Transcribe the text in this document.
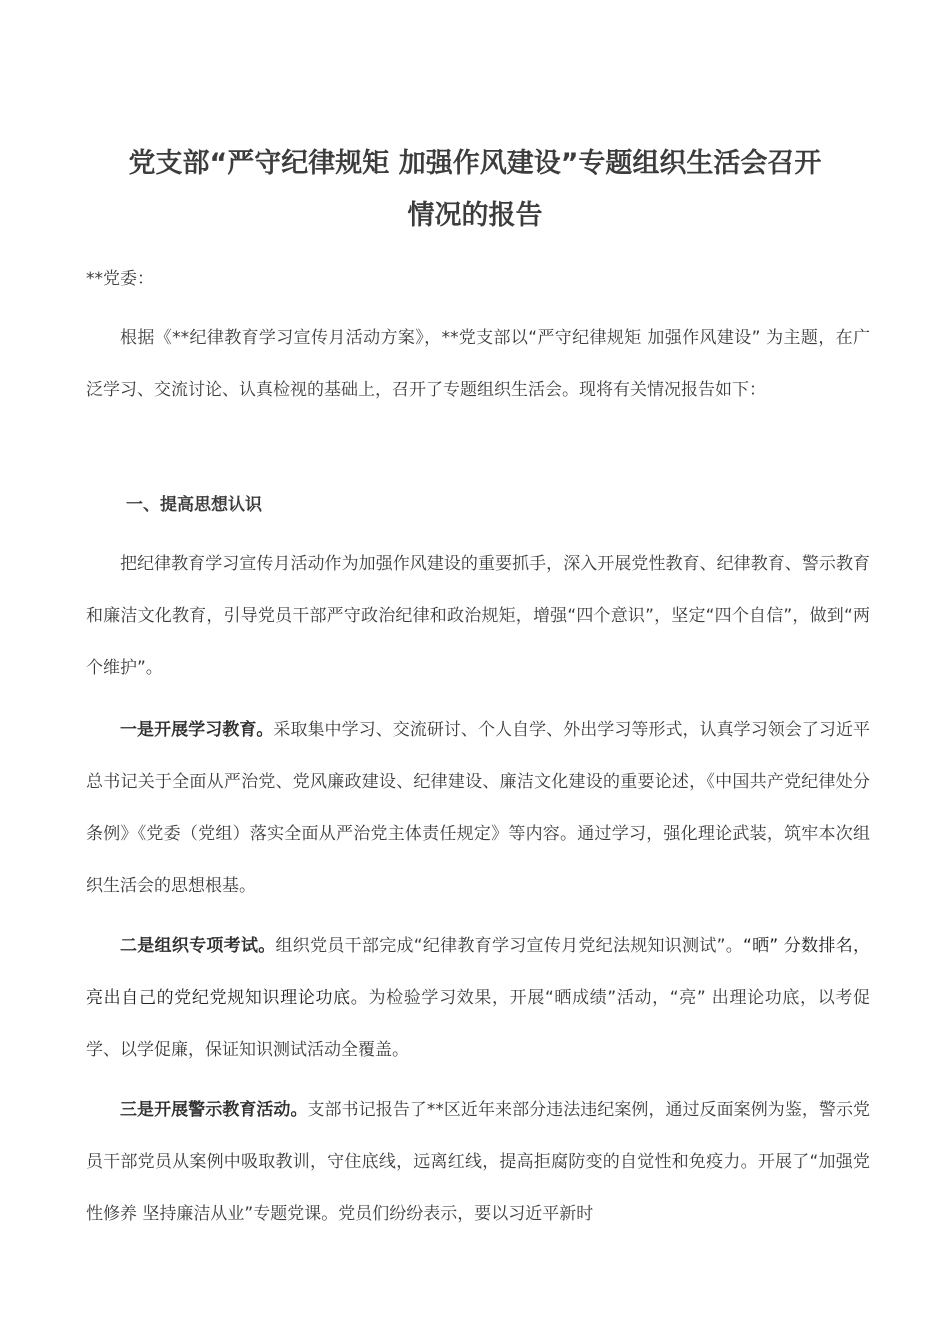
党支部“严守纪律规矩 加强作风建设”专题组织生活会召开
情况的报告

**党委：

根据《**纪律教育学习宣传月活动方案》，**党支部以“严守纪律规矩 加强作风建设” 为主题，在广泛学习、交流讨论、认真检视的基础上，召开了专题组织生活会。现将有关情况报告如下：

一、提高思想认识

把纪律教育学习宣传月活动作为加强作风建设的重要抓手，深入开展党性教育、纪律教育、警示教育和廉洁文化教育，引导党员干部严守政治纪律和政治规矩，增强“四个意识”，坚定“四个自信”，做到“两个维护”。

一是开展学习教育。采取集中学习、交流研讨、个人自学、外出学习等形式，认真学习领会了习近平总书记关于全面从严治党、党风廉政建设、纪律建设、廉洁文化建设的重要论述，《中国共产党纪律处分条例》《党委（党组）落实全面从严治党主体责任规定》等内容。通过学习，强化理论武装，筑牢本次组织生活会的思想根基。

二是组织专项考试。组织党员干部完成“纪律教育学习宣传月党纪法规知识测试”。“晒” 分数排名，亮出自己的党纪党规知识理论功底。为检验学习效果，开展“晒成绩”活动，“亮” 出理论功底，以考促学、以学促廉，保证知识测试活动全覆盖。

三是开展警示教育活动。支部书记报告了**区近年来部分违法违纪案例，通过反面案例为鉴，警示党员干部党员从案例中吸取教训，守住底线，远离红线，提高拒腐防变的自觉性和免疫力。开展了“加强党性修养 坚持廉洁从业”专题党课。党员们纷纷表示，要以习近平新时
